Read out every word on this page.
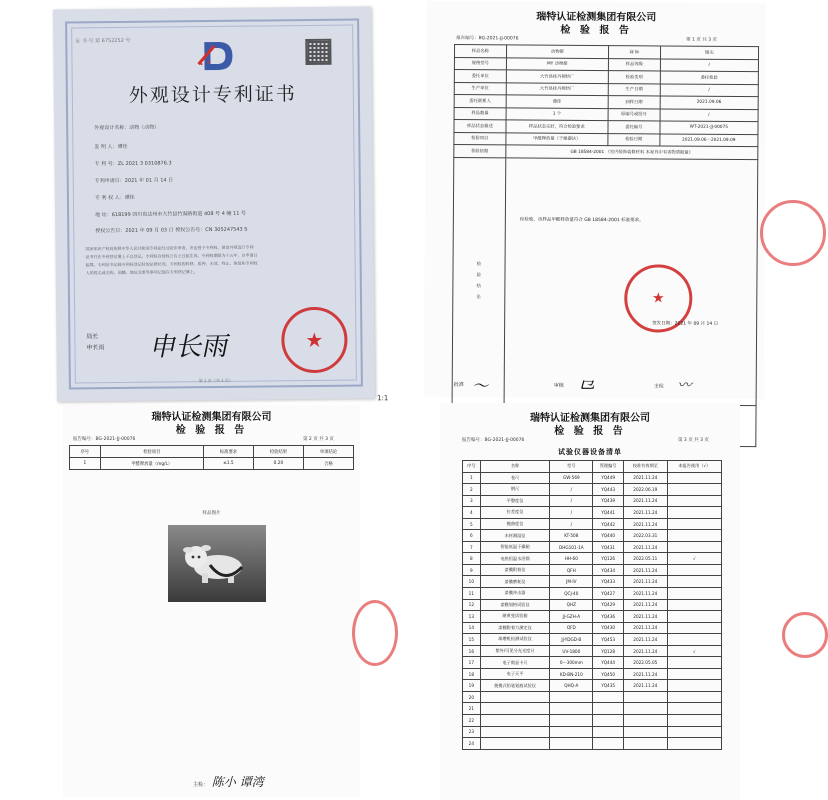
证 书 号 第 6752252 号
外观设计专利证书
外观设计名称：动物（动物）
发 明 人：谭佳
专 利 号：ZL 2021 3 0310876.3
专利申请日：2021 年 01 月 14 日
专 利 权 人：谭佳
地 址：618199 四川省达州市大竹县竹海路街道 408 号 4 幢 11 号
授权公告日：2021 年 09 月 03 日 授权公告号：CN 305247543 S
国家知识产权局依照中华人民共和国专利法经过初步审查，决定授予专利权，颁发外观设计专利
证书并在专利登记簿上予以登记。专利权自授权公告之日起生效。专利权期限为十五年，自申请日
起算。专利证书记载专利权登记时的法律状况。专利权的转移、质押、无效、终止、恢复和专利权
人的姓名或名称、国籍、地址变更等事项记载在专利登记簿上。
局长
申长雨 申长雨	★
第 1 页（共 1 页）
1:1
瑞特认证检测集团有限公司
检 验 报 告
报告编号：BG-2021-JJ-00076	第 1 页 共 3 页
样品名称	动物摆	商 标	谢尖
规格型号	MY 动物摆	样品等级	/
委托单位	大竹县桂丹棉纺厂	检验类别	委托检验
生产单位	大竹县桂丹棉纺厂	生产日期	/
委托联系人	谭佳	到样日期	2021.09.06
样品数量	1 个	原编号或批号	/
样品状态描述	样品状态完好，符合检验要求	委托编号	WT-2021-JJ-00075
检验项目	甲醛释放量（干燥器法）	检验日期	2021.09.06～2021.09.09
检验依据	GB 18584-2001 《室内装饰装修材料 木家具中有害物质限量》		

检

验

结

论			

经检验，该样品甲醛释放量符合 GB 18584-2001 标准要求。
★
签发日期：2021 年 09 月 14 日
批准 〜	审核 ⺋	主检 〰
瑞特认证检测集团有限公司
检 验 报 告
报告编号：BG-2021-JJ-00076	第 2 页 共 3 页
序号	检验项目	标准要求	检验结果	单项结论
1	甲醛释放量（mg/L）	≤1.5	0.20	合格
样品图片
主检： 陈小 谭湾
瑞特认证检测集团有限公司
检 验 报 告
报告编号：BG-2021-JJ-00076	第 3 页 共 3 页
试验仪器设备清单
序号	名称	型号	管理编号	校准有效期至	本报告使用（√）
1	卷尺	GW-569	YQ449	2021.11.24	
2	钢尺	/	YQ443	2022.06.19	
3	平整度仪	/	YQ439	2021.11.24	
4	拉差度仪	/	YQ441	2021.11.24	
5	翘曲度仪	/	YQ442	2021.11.24	
6	木材测湿仪	KT-508	YQ440	2022.03.31	
7	智能低温干燥箱	DHG101-1A	YQ431	2021.11.24	
8	电热恒温水浴锅	HH-60	YQ126	2022.05.11	√
9	漆膜附着仪	QFH	YQ434	2021.11.24	
10	漆膜磨耗仪	JM-IV	YQ433	2021.11.24	
11	漆膜冲击器	QCJ-40	YQ427	2021.11.24	
12	漆膜划格试验仪	QHZ	YQ429	2021.11.24	
13	耐黄变试验箱	JJ-GZH-A	YQ436	2021.11.24	
14	漆膜附着力测定仪	QFD	YQ430	2021.11.24	
15	球磨机检测试验仪	JJ-YDGD-B	YQ453	2021.11.24	
16	紫外/可见分光光度计	UV-1800	YQ128	2021.11.24	√
17	电子数显卡尺	0～300mm	YQ444	2022.05.05	
18	电子天平	KD-BN-210	YQ450	2021.11.24	
19	便携式铅笔划痕试验仪	QHQ-A	YQ435	2021.11.24	
20					
21					
22					
23					
24					
